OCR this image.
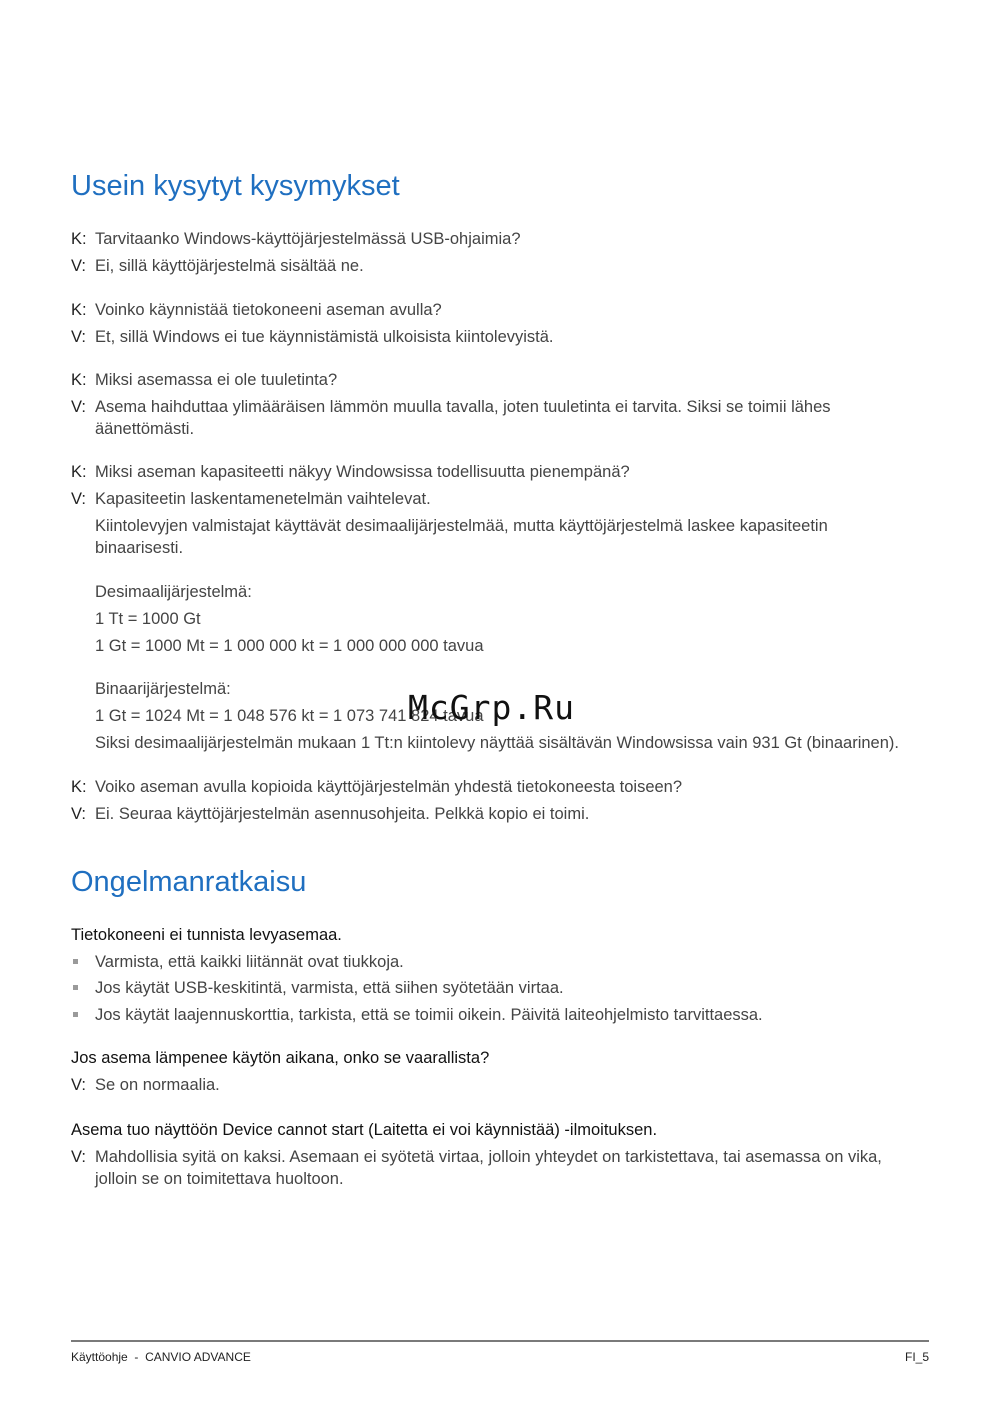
Usein kysytyt kysymykset
K: Tarvitaanko Windows-käyttöjärjestelmässä USB-ohjaimia?
V: Ei, sillä käyttöjärjestelmä sisältää ne.
K: Voinko käynnistää tietokoneeni aseman avulla?
V: Et, sillä Windows ei tue käynnistämistä ulkoisista kiintolevyistä.
K: Miksi asemassa ei ole tuuletinta?
V: Asema haihduttaa ylimääräisen lämmön muulla tavalla, joten tuuletinta ei tarvita. Siksi se toimii lähes äänettömästi.
K: Miksi aseman kapasiteetti näkyy Windowsissa todellisuutta pienempänä?
V: Kapasiteetin laskentamenetelmän vaihtelevat.
Kiintolevyjen valmistajat käyttävät desimaalijärjestelmää, mutta käyttöjärjestelmä laskee kapasiteetin binaarisesti.
Desimaalijärjestelmä:
1 Tt = 1000 Gt
1 Gt = 1000 Mt = 1 000 000 kt = 1 000 000 000 tavua
Binaarijärjestelmä:
1 Gt = 1024 Mt = 1 048 576 kt = 1 073 741 824 tavua
Siksi desimaalijärjestelmän mukaan 1 Tt:n kiintolevy näyttää sisältävän Windowsissa vain 931 Gt (binaarinen).
McGrp.Ru
K: Voiko aseman avulla kopioida käyttöjärjestelmän yhdestä tietokoneesta toiseen?
V: Ei. Seuraa käyttöjärjestelmän asennusohjeita. Pelkkä kopio ei toimi.
Ongelmanratkaisu
Tietokoneeni ei tunnista levyasemaa.
Varmista, että kaikki liitännät ovat tiukkoja.
Jos käytät USB-keskitintä, varmista, että siihen syötetään virtaa.
Jos käytät laajennuskorttia, tarkista, että se toimii oikein. Päivitä laiteohjelmisto tarvittaessa.
Jos asema lämpenee käytön aikana, onko se vaarallista?
V: Se on normaalia.
Asema tuo näyttöön Device cannot start (Laitetta ei voi käynnistää) -ilmoituksen.
V: Mahdollisia syitä on kaksi. Asemaan ei syötetä virtaa, jolloin yhteydet on tarkistettava, tai asemassa on vika, jolloin se on toimitettava huoltoon.
Käyttöohje - CANVIO ADVANCE	FI_5
